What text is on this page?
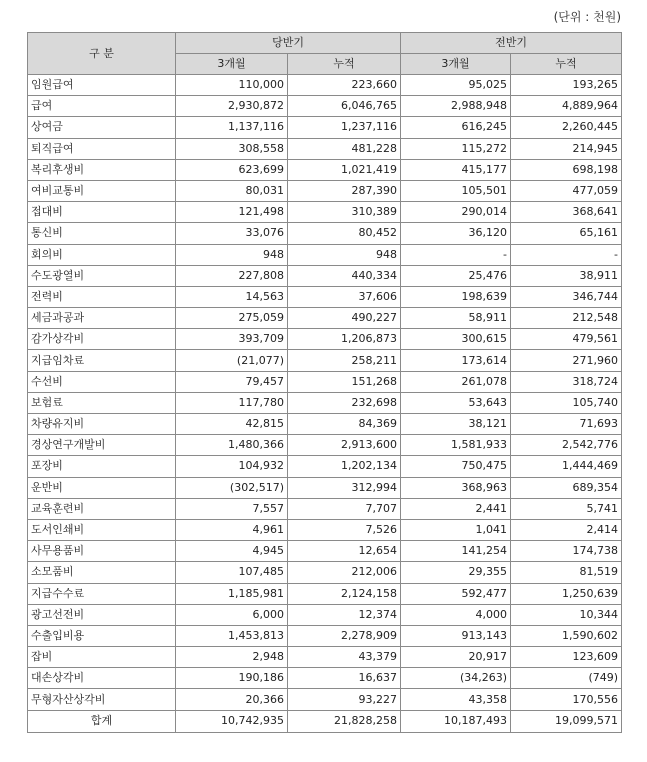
(단위 : 천원)
구 분	당반기		전반기	
	3개월	누적	3개월	누적
임원급여	110,000	223,660	95,025	193,265
급여	2,930,872	6,046,765	2,988,948	4,889,964
상여금	1,137,116	1,237,116	616,245	2,260,445
퇴직급여	308,558	481,228	115,272	214,945
복리후생비	623,699	1,021,419	415,177	698,198
여비교통비	80,031	287,390	105,501	477,059
접대비	121,498	310,389	290,014	368,641
통신비	33,076	80,452	36,120	65,161
회의비	948	948	-	-
수도광열비	227,808	440,334	25,476	38,911
전력비	14,563	37,606	198,639	346,744
세금과공과	275,059	490,227	58,911	212,548
감가상각비	393,709	1,206,873	300,615	479,561
지급임차료	(21,077)	258,211	173,614	271,960
수선비	79,457	151,268	261,078	318,724
보험료	117,780	232,698	53,643	105,740
차량유지비	42,815	84,369	38,121	71,693
경상연구개발비	1,480,366	2,913,600	1,581,933	2,542,776
포장비	104,932	1,202,134	750,475	1,444,469
운반비	(302,517)	312,994	368,963	689,354
교육훈련비	7,557	7,707	2,441	5,741
도서인쇄비	4,961	7,526	1,041	2,414
사무용품비	4,945	12,654	141,254	174,738
소모품비	107,485	212,006	29,355	81,519
지급수수료	1,185,981	2,124,158	592,477	1,250,639
광고선전비	6,000	12,374	4,000	10,344
수출입비용	1,453,813	2,278,909	913,143	1,590,602
잡비	2,948	43,379	20,917	123,609
대손상각비	190,186	16,637	(34,263)	(749)
무형자산상각비	20,366	93,227	43,358	170,556
합계	10,742,935	21,828,258	10,187,493	19,099,571
